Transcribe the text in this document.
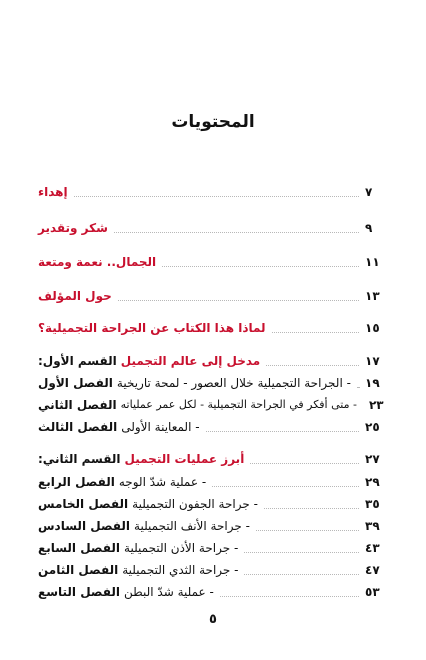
المحتويات
إهداء	٧
شكر وتقدير	٩
الجمال.. نعمة ومتعة	١١
حول المؤلف	١٣
لماذا هذا الكتاب عن الجراحة التجميلية؟	١٥
القسم الأول: مدخل إلى عالم التجميل	١٧
الفصل الأول - الجراحة التجميلية خلال العصور - لمحة تاريخية ١٩
الفصل الثاني - متى أفكر في الجراحة التجميلية - لكل عمر عملياته ٢٣
الفصل الثالث - المعاينة الأولى	٢٥
القسم الثاني: أبرز عمليات التجميل	٢٧
الفصل الرابع - عملية شدّ الوجه	٢٩
الفصل الخامس - جراحة الجفون التجميلية	٣٥
الفصل السادس - جراحة الأنف التجميلية	٣٩
الفصل السابع - جراحة الأذن التجميلية	٤٣
الفصل الثامن - جراحة الثدي التجميلية	٤٧
الفصل التاسع - عملية شدّ البطن	٥٣
٥
